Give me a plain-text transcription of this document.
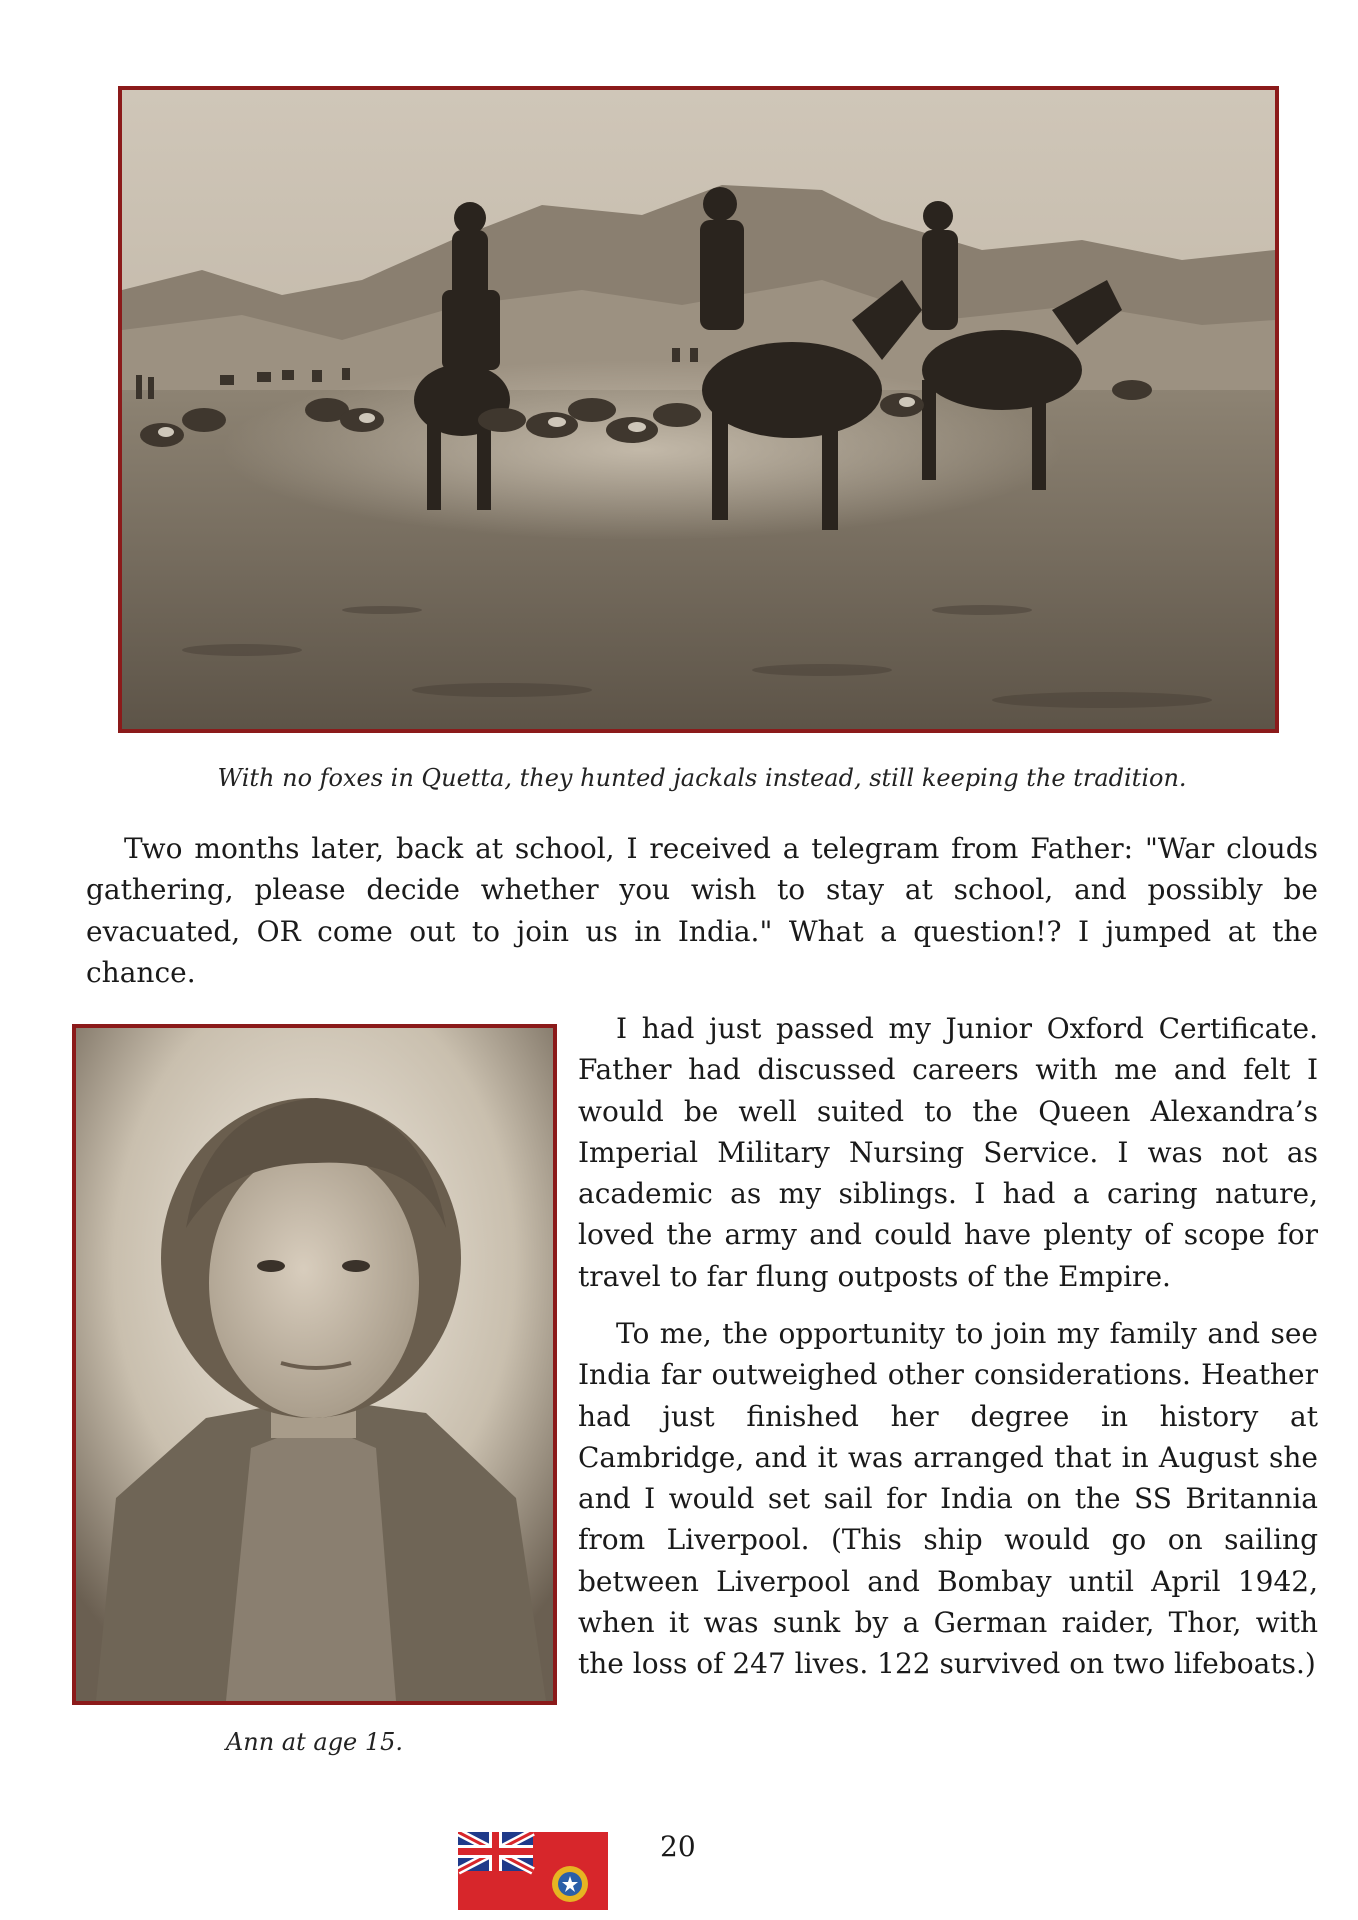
With no foxes in Quetta, they hunted jackals instead, still keeping the tradition.

Two months later, back at school, I received a telegram from Father: "War clouds gathering, please decide whether you wish to stay at school, and possibly be evacuated, OR come out to join us in India." What a question!? I jumped at the chance.

Ann at age 15.

I had just passed my Junior Oxford Certificate. Father had discussed careers with me and felt I would be well suited to the Queen Alexandra’s Imperial Military Nursing Service. I was not as academic as my siblings. I had a caring nature, loved the army and could have plenty of scope for travel to far flung outposts of the Empire.

To me, the opportunity to join my family and see India far outweighed other considerations. Heather had just finished her degree in history at Cambridge, and it was arranged that in August she and I would set sail for India on the SS Britannia from Liverpool. (This ship would go on sailing between Liverpool and Bombay until April 1942, when it was sunk by a German raider, Thor, with the loss of 247 lives. 122 survived on two lifeboats.)

20
